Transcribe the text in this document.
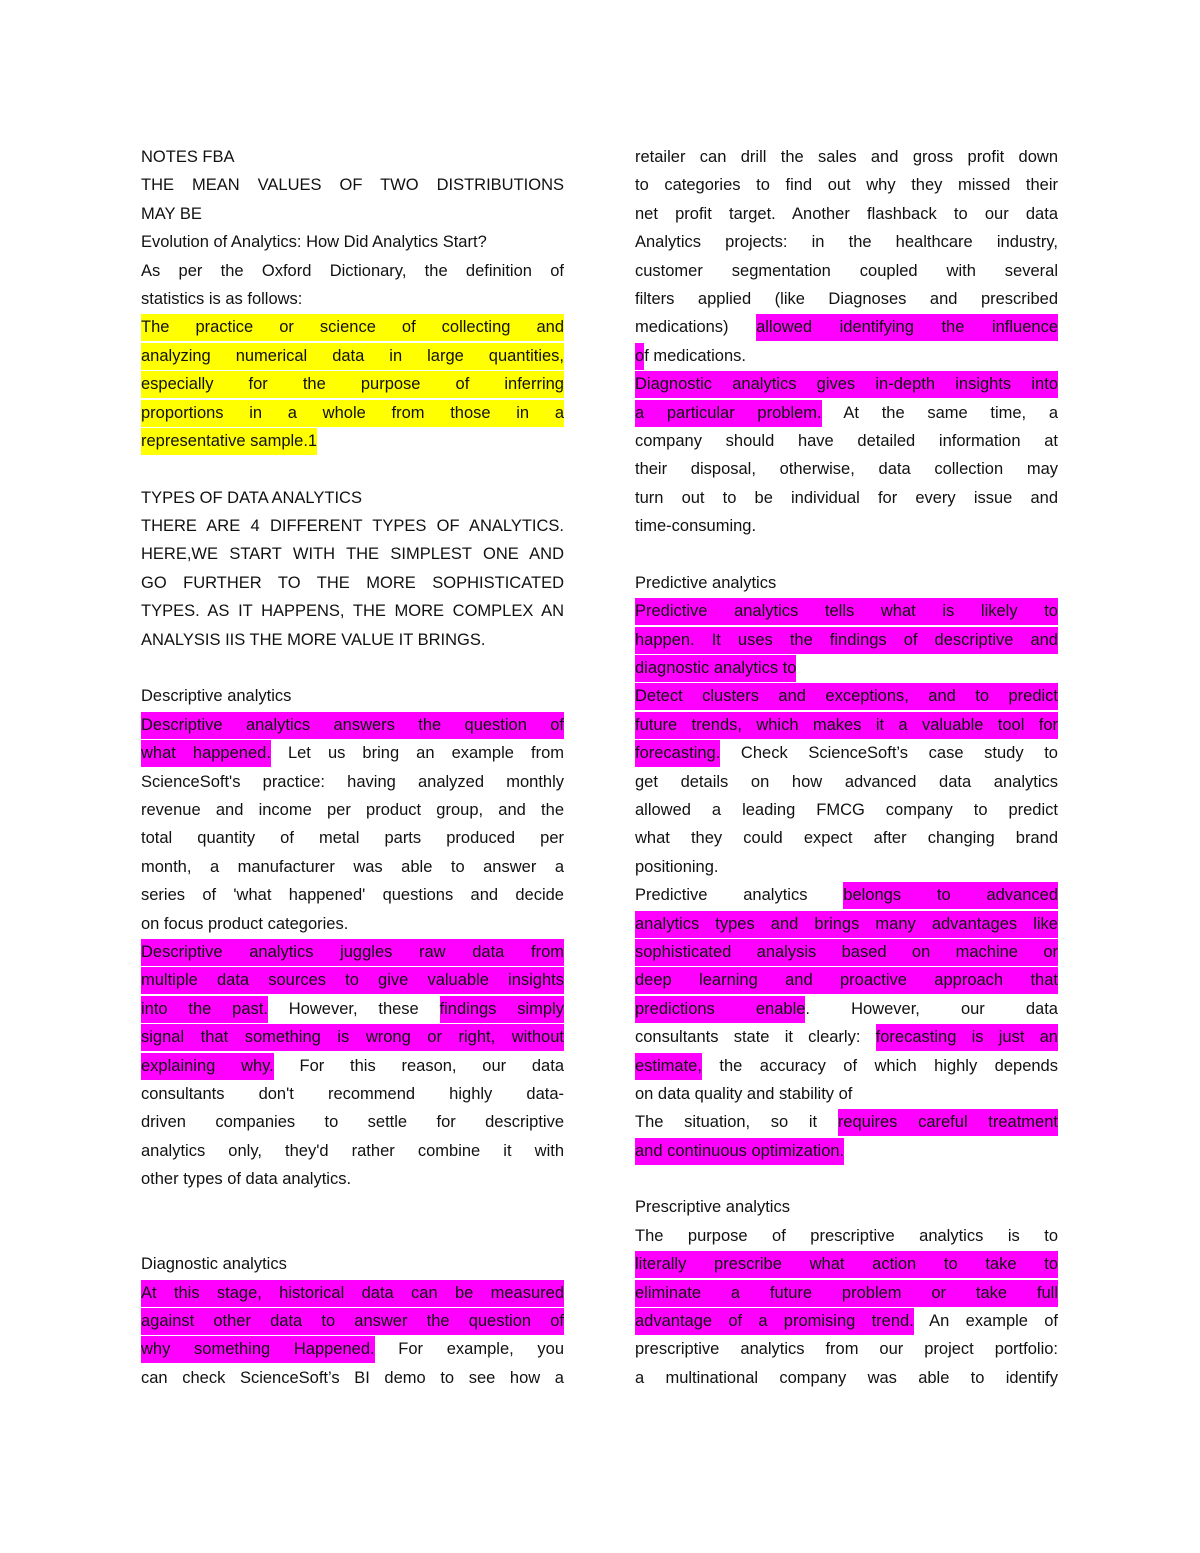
NOTES FBA
THE MEAN VALUES OF TWO DISTRIBUTIONS
MAY BE
Evolution of Analytics: How Did Analytics Start?
As per the Oxford Dictionary, the definition of
statistics is as follows:
The practice or science of collecting and
analyzing numerical data in large quantities,
especially for the purpose of inferring
proportions in a whole from those in a
representative sample.1

TYPES OF DATA ANALYTICS
THERE ARE 4 DIFFERENT TYPES OF ANALYTICS.
HERE,WE START WITH THE SIMPLEST ONE AND
GO FURTHER TO THE MORE SOPHISTICATED
TYPES. AS IT HAPPENS, THE MORE COMPLEX AN
ANALYSIS IIS THE MORE VALUE IT BRINGS.

Descriptive analytics
Descriptive analytics answers the question of
what happened. Let us bring an example from
ScienceSoft's practice: having analyzed monthly
revenue and income per product group, and the
total quantity of metal parts produced per
month, a manufacturer was able to answer a
series of 'what happened' questions and decide
on focus product categories.
Descriptive analytics juggles raw data from
multiple data sources to give valuable insights
into the past. However, these findings simply
signal that something is wrong or right, without
explaining why. For this reason, our data
consultants don't recommend highly data-
driven companies to settle for descriptive
analytics only, they'd rather combine it with
other types of data analytics.

Diagnostic analytics
At this stage, historical data can be measured
against other data to answer the question of
why something Happened. For example, you
can check ScienceSoft’s BI demo to see how a
retailer can drill the sales and gross profit down
to categories to find out why they missed their
net profit target. Another flashback to our data
Analytics projects: in the healthcare industry,
customer segmentation coupled with several
filters applied (like Diagnoses and prescribed
medications) allowed identifying the influence
of medications.
Diagnostic analytics gives in-depth insights into
a particular problem. At the same time, a
company should have detailed information at
their disposal, otherwise, data collection may
turn out to be individual for every issue and
time-consuming.

Predictive analytics
Predictive analytics tells what is likely to
happen. It uses the findings of descriptive and
diagnostic analytics to
Detect clusters and exceptions, and to predict
future trends, which makes it a valuable tool for
forecasting. Check ScienceSoft’s case study to
get details on how advanced data analytics
allowed a leading FMCG company to predict
what they could expect after changing brand
positioning.
Predictive analytics belongs to advanced
analytics types and brings many advantages like
sophisticated analysis based on machine or
deep learning and proactive approach that
predictions enable. However, our data
consultants state it clearly: forecasting is just an
estimate, the accuracy of which highly depends
on data quality and stability of
The situation, so it requires careful treatment
and continuous optimization.

Prescriptive analytics
The purpose of prescriptive analytics is to
literally prescribe what action to take to
eliminate a future problem or take full
advantage of a promising trend. An example of
prescriptive analytics from our project portfolio:
a multinational company was able to identify
